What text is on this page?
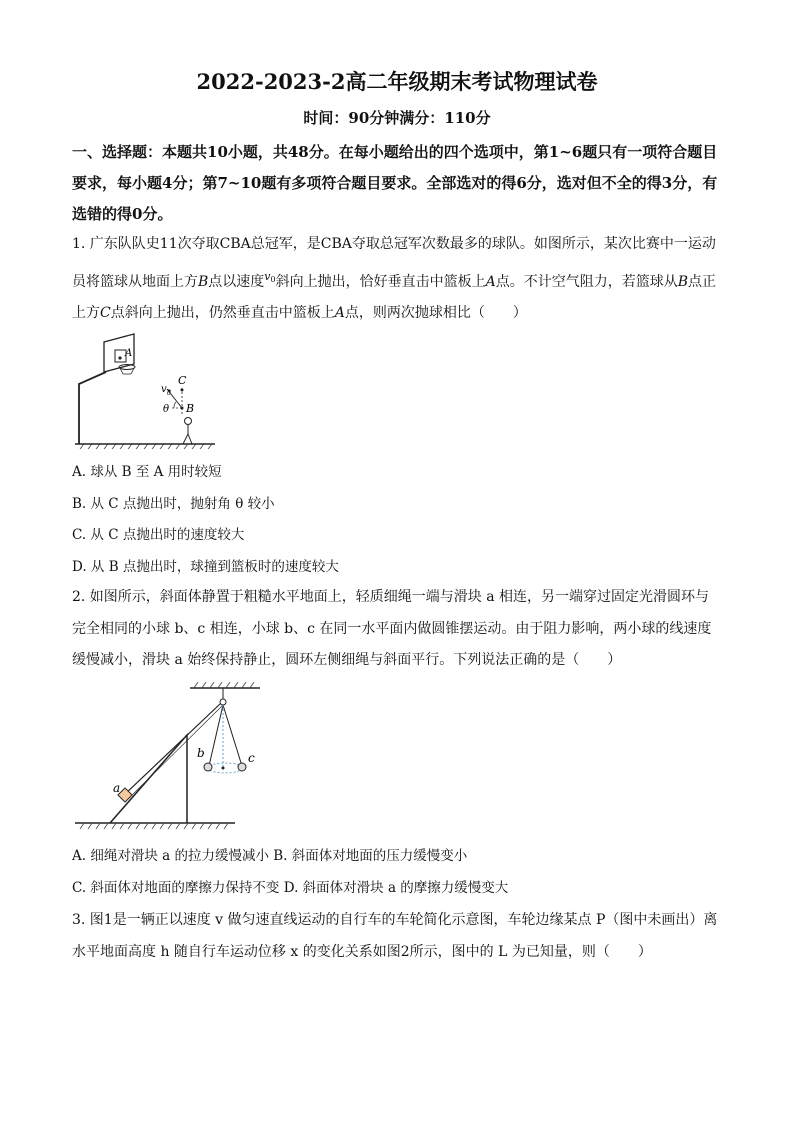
2022-2023-2高二年级期末考试物理试卷
时间：90分钟满分：110分
一、选择题：本题共10小题，共48分。在每小题给出的四个选项中，第1~6题只有一项符合题目要求，每小题4分；第7~10题有多项符合题目要求。全部选对的得6分，选对但不全的得3分，有选错的得0分。
1. 广东队队史11次夺取CBA总冠军，是CBA夺取总冠军次数最多的球队。如图所示，某次比赛中一运动员将篮球从地面上方B点以速度$^v_0$斜向上抛出，恰好垂直击中篮板上A点。不计空气阻力，若篮球从B点正上方C点斜向上抛出，仍然垂直击中篮板上A点，则两次抛球相比（　　）
A
C
v 0
θ B
A. 球从 B 至 A 用时较短
B. 从 C 点抛出时，抛射角 θ 较小
C. 从 C 点抛出时的速度较大
D. 从 B 点抛出时，球撞到篮板时的速度较大
2. 如图所示，斜面体静置于粗糙水平地面上，轻质细绳一端与滑块 a 相连，另一端穿过固定光滑圆环与完全相同的小球 b、c 相连，小球 b、c 在同一水平面内做圆锥摆运动。由于阻力影响，两小球的线速度缓慢减小，滑块 a 始终保持静止，圆环左侧细绳与斜面平行。下列说法正确的是（　　）
a
b	c
A. 细绳对滑块 a 的拉力缓慢减小 B. 斜面体对地面的压力缓慢变小
C. 斜面体对地面的摩擦力保持不变 D. 斜面体对滑块 a 的摩擦力缓慢变大
3. 图1是一辆正以速度 v 做匀速直线运动的自行车的车轮简化示意图，车轮边缘某点 P（图中未画出）离水平地面高度 h 随自行车运动位移 x 的变化关系如图2所示，图中的 L 为已知量，则（　　）
